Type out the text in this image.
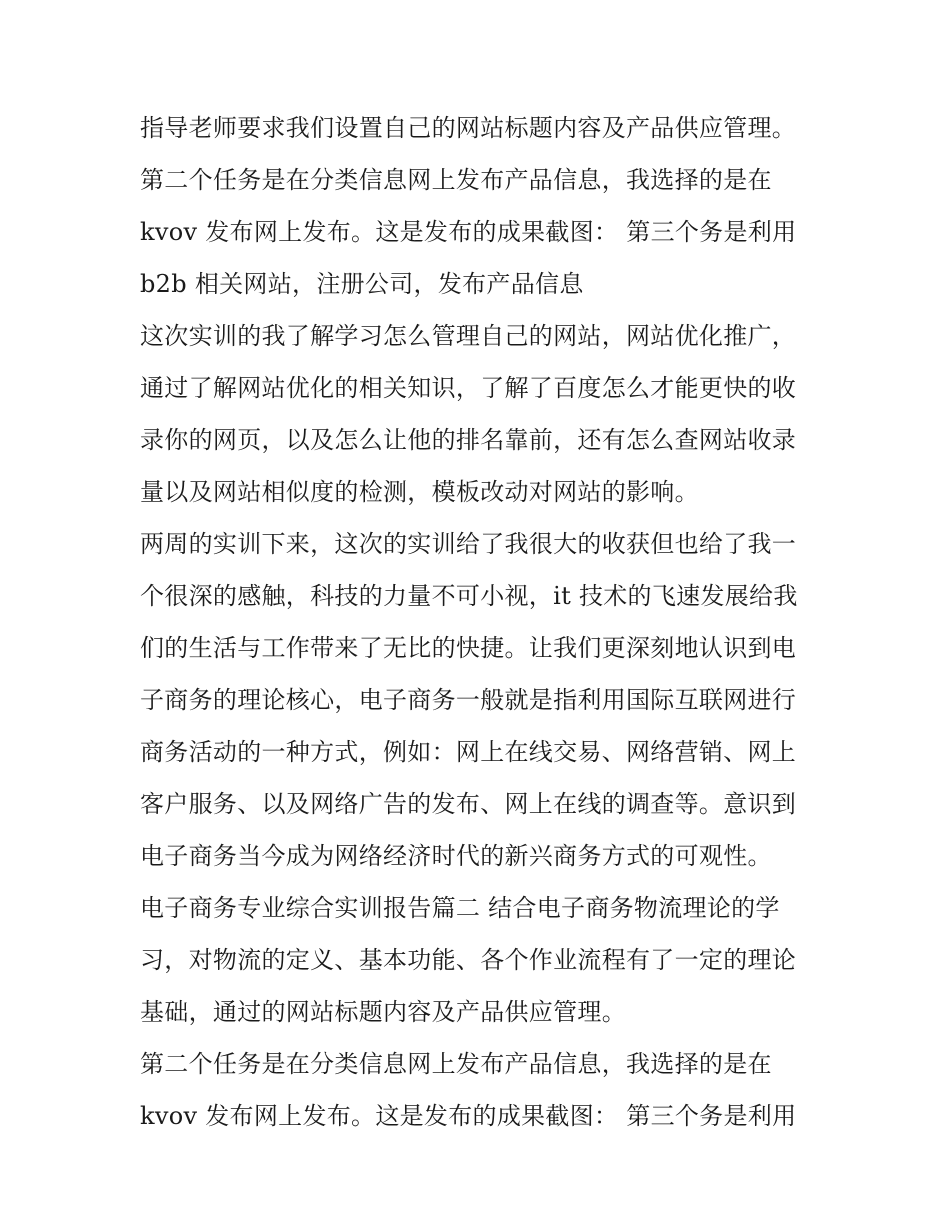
指导老师要求我们设置自己的网站标题内容及产品供应管理。
第二个任务是在分类信息网上发布产品信息，我选择的是在
kvov 发布网上发布。这是发布的成果截图： 第三个务是利用
b2b 相关网站，注册公司，发布产品信息
这次实训的我了解学习怎么管理自己的网站，网站优化推广，
通过了解网站优化的相关知识，了解了百度怎么才能更快的收
录你的网页，以及怎么让他的排名靠前，还有怎么查网站收录
量以及网站相似度的检测，模板改动对网站的影响。
两周的实训下来，这次的实训给了我很大的收获但也给了我一
个很深的感触，科技的力量不可小视，it 技术的飞速发展给我
们的生活与工作带来了无比的快捷。让我们更深刻地认识到电
子商务的理论核心，电子商务一般就是指利用国际互联网进行
商务活动的一种方式，例如：网上在线交易、网络营销、网上
客户服务、以及网络广告的发布、网上在线的调查等。意识到
电子商务当今成为网络经济时代的新兴商务方式的可观性。
电子商务专业综合实训报告篇二 结合电子商务物流理论的学
习，对物流的定义、基本功能、各个作业流程有了一定的理论
基础，通过的网站标题内容及产品供应管理。
第二个任务是在分类信息网上发布产品信息，我选择的是在
kvov 发布网上发布。这是发布的成果截图： 第三个务是利用
